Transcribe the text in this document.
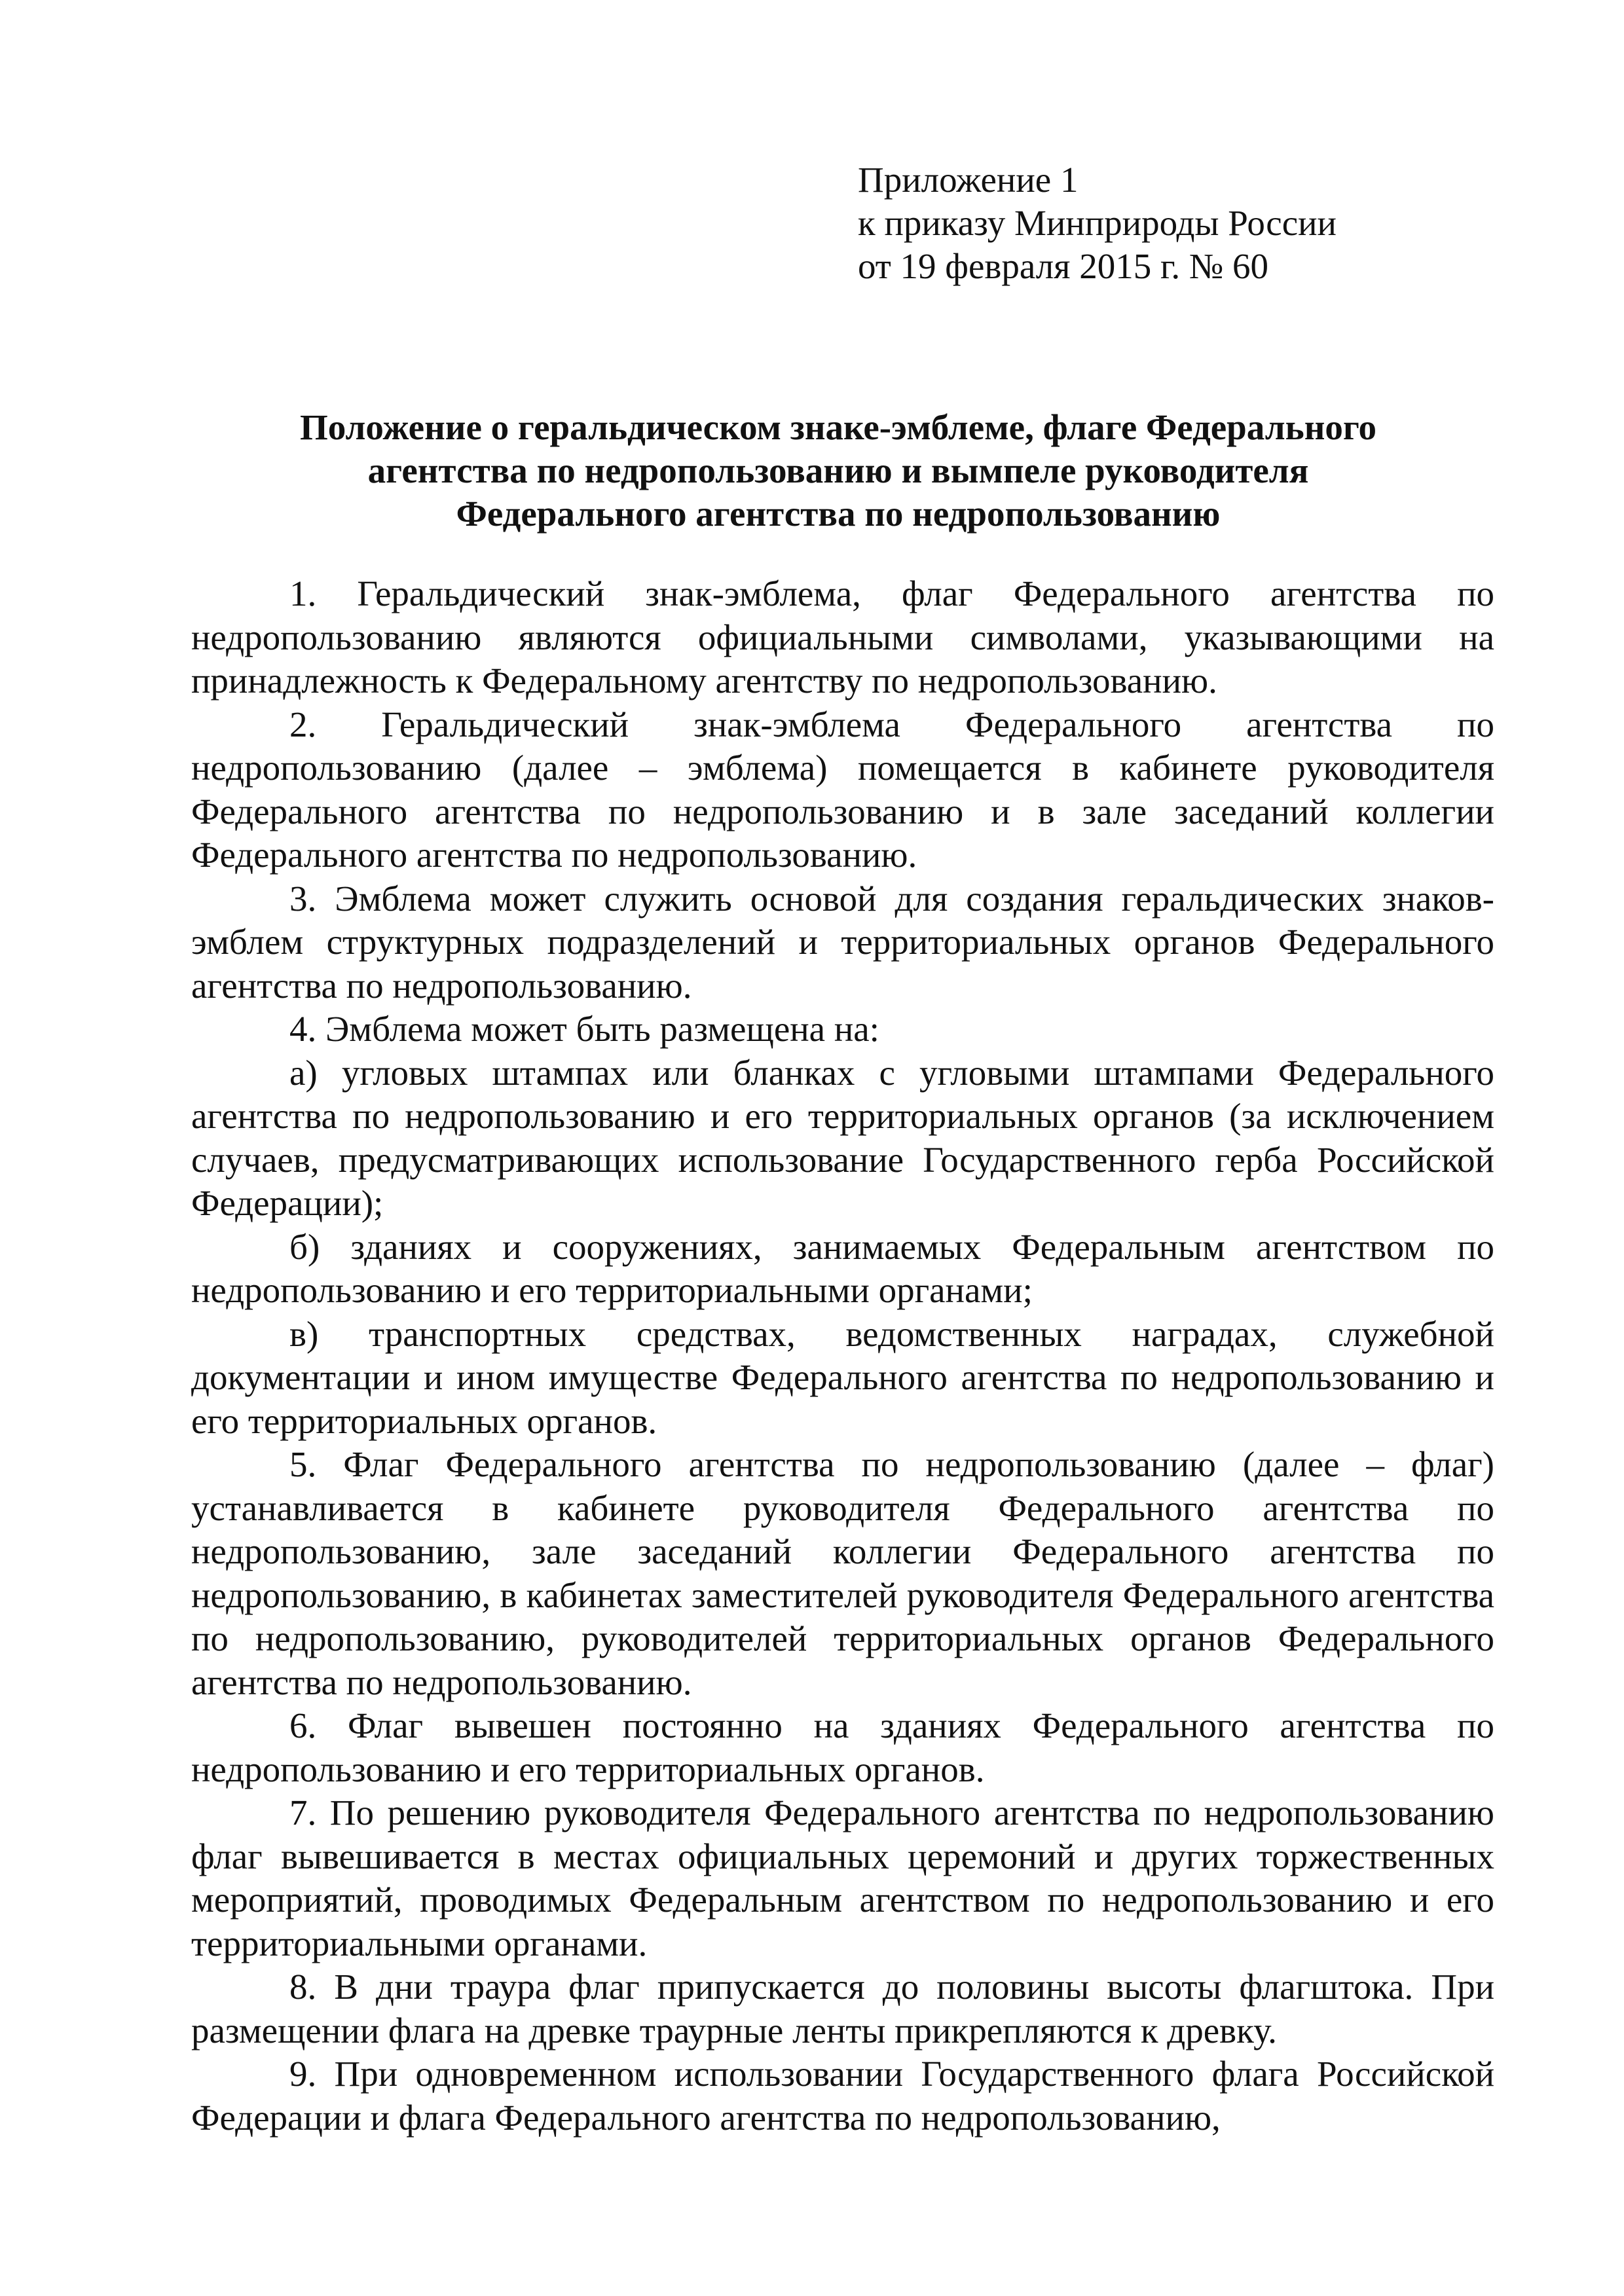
Приложение 1
к приказу Минприроды России
от 19 февраля 2015 г. № 60
Положение о геральдическом знаке-эмблеме, флаге Федерального
агентства по недропользованию и вымпеле руководителя
Федерального агентства по недропользованию

1. Геральдический знак-эмблема, флаг Федерального агентства по недропользованию являются официальными символами, указывающими на принадлежность к Федеральному агентству по недропользованию.

2. Геральдический знак-эмблема Федерального агентства по недропользованию (далее – эмблема) помещается в кабинете руководителя Федерального агентства по недропользованию и в зале заседаний коллегии Федерального агентства по недропользованию.

3. Эмблема может служить основой для создания геральдических знаков-эмблем структурных подразделений и территориальных органов Федерального агентства по недропользованию.

4. Эмблема может быть размещена на:

а) угловых штампах или бланках с угловыми штампами Федерального агентства по недропользованию и его территориальных органов (за исключением случаев, предусматривающих использование Государственного герба Российской Федерации);

б) зданиях и сооружениях, занимаемых Федеральным агентством по недропользованию и его территориальными органами;

в) транспортных средствах, ведомственных наградах, служебной документации и ином имуществе Федерального агентства по недропользованию и его территориальных органов.

5. Флаг Федерального агентства по недропользованию (далее – флаг) устанавливается в кабинете руководителя Федерального агентства по недропользованию, зале заседаний коллегии Федерального агентства по недропользованию, в кабинетах заместителей руководителя Федерального агентства по недропользованию, руководителей территориальных органов Федерального агентства по недропользованию.

6. Флаг вывешен постоянно на зданиях Федерального агентства по недропользованию и его территориальных органов.

7. По решению руководителя Федерального агентства по недропользованию флаг вывешивается в местах официальных церемоний и других торжественных мероприятий, проводимых Федеральным агентством по недропользованию и его территориальными органами.

8. В дни траура флаг припускается до половины высоты флагштока. При размещении флага на древке траурные ленты прикрепляются к древку.

9. При одновременном использовании Государственного флага Российской Федерации и флага Федерального агентства по недропользованию,
